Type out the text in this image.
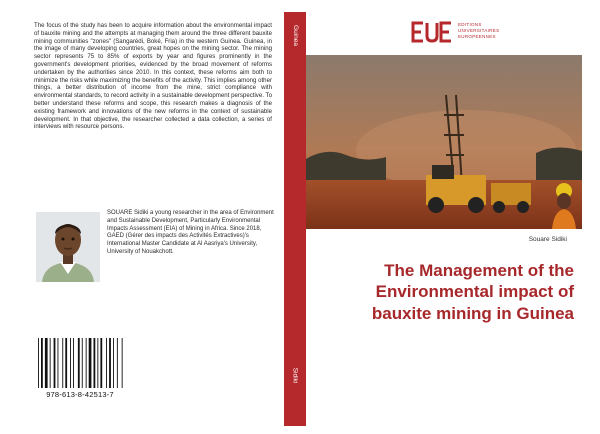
The focus of the study has been to acquire information about the environmental impact of bauxite mining and the attempts at managing them around the three different bauxite mining communities "zones" (Sangarédi, Boké, Fria) in the western Guinea. Guinea, in the image of many developing countries, great hopes on the mining sector. The mining sector represents 75 to 85% of exports by year and figures prominently in the government's development priorities, evidenced by the broad movement of reforms undertaken by the authorities since 2010. In this context, these reforms aim both to minimize the risks while maximizing the benefits of the activity. This implies among other things, a better distribution of income from the mine, strict compliance with environmental standards, to record activity in a sustainable development perspective. To better understand these reforms and scope, this research makes a diagnosis of the existing framework and innovations of the new reforms in the context of sustainable development. In that objective, the researcher collected a data collection, a series of interviews with resource persons.

SOUARE Sidiki a young researcher in the area of Environment and Sustainable Development, Particularly Environmental Impacts Assessment (EIA) of Mining in Africa. Since 2018, GAED (Gérer des impacts des Activités Extractives)'s International Master Candidate at Al Aasriya's University, University of Nouakchott.

978-613-8-42513-7
Guinea
Sidiki
EDITIONS
UNIVERSITAIRES
EUROPEENNES
Souare Sidiki
The Management of the Environmental impact of bauxite mining in Guinea
